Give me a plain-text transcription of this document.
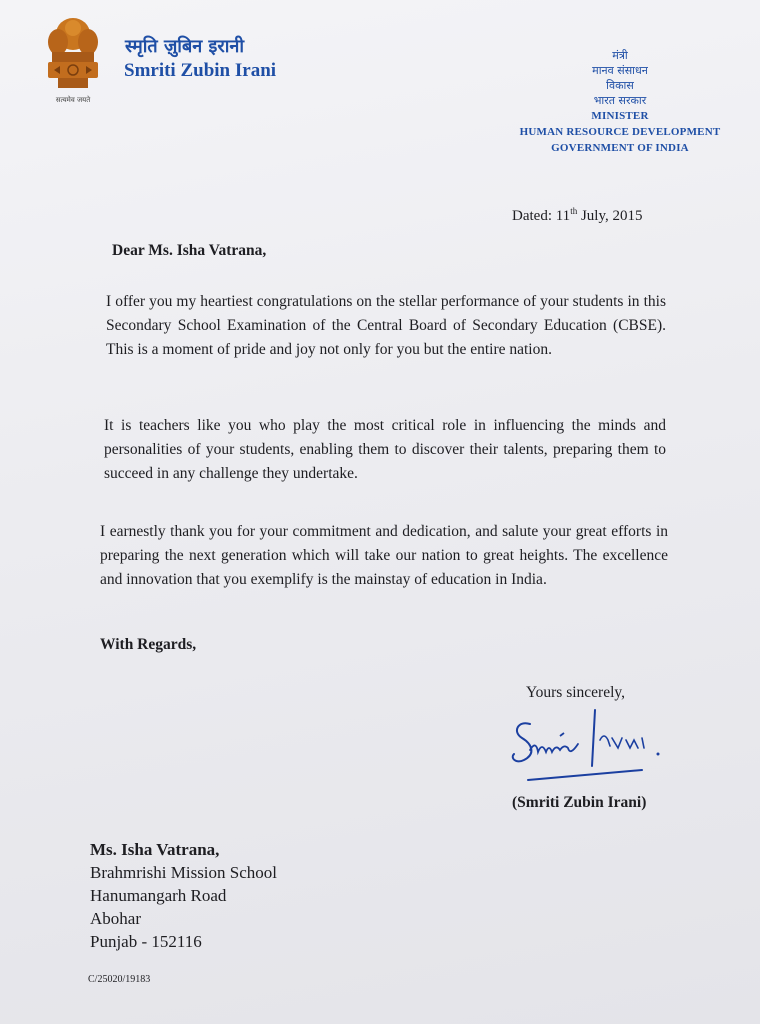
सत्यमेव जयते
स्मृति ज़ुबिन इरानी
Smriti Zubin Irani
मंत्री
मानव संसाधन
विकास
भारत सरकार
MINISTER
HUMAN RESOURCE DEVELOPMENT
GOVERNMENT OF INDIA
Dated: 11th July, 2015
Dear Ms. Isha Vatrana,
I offer you my heartiest congratulations on the stellar performance of your students in this Secondary School Examination of the Central Board of Secondary Education (CBSE). This is a moment of pride and joy not only for you but the entire nation.
It is teachers like you who play the most critical role in influencing the minds and personalities of your students, enabling them to discover their talents, preparing them to succeed in any challenge they undertake.
I earnestly thank you for your commitment and dedication, and salute your great efforts in preparing the next generation which will take our nation to great heights. The excellence and innovation that you exemplify is the mainstay of education in India.
With Regards,
Yours sincerely,
(Smriti Zubin Irani)
Ms. Isha Vatrana,
Brahmrishi Mission School
Hanumangarh Road
Abohar
Punjab - 152116
C/25020/19183
